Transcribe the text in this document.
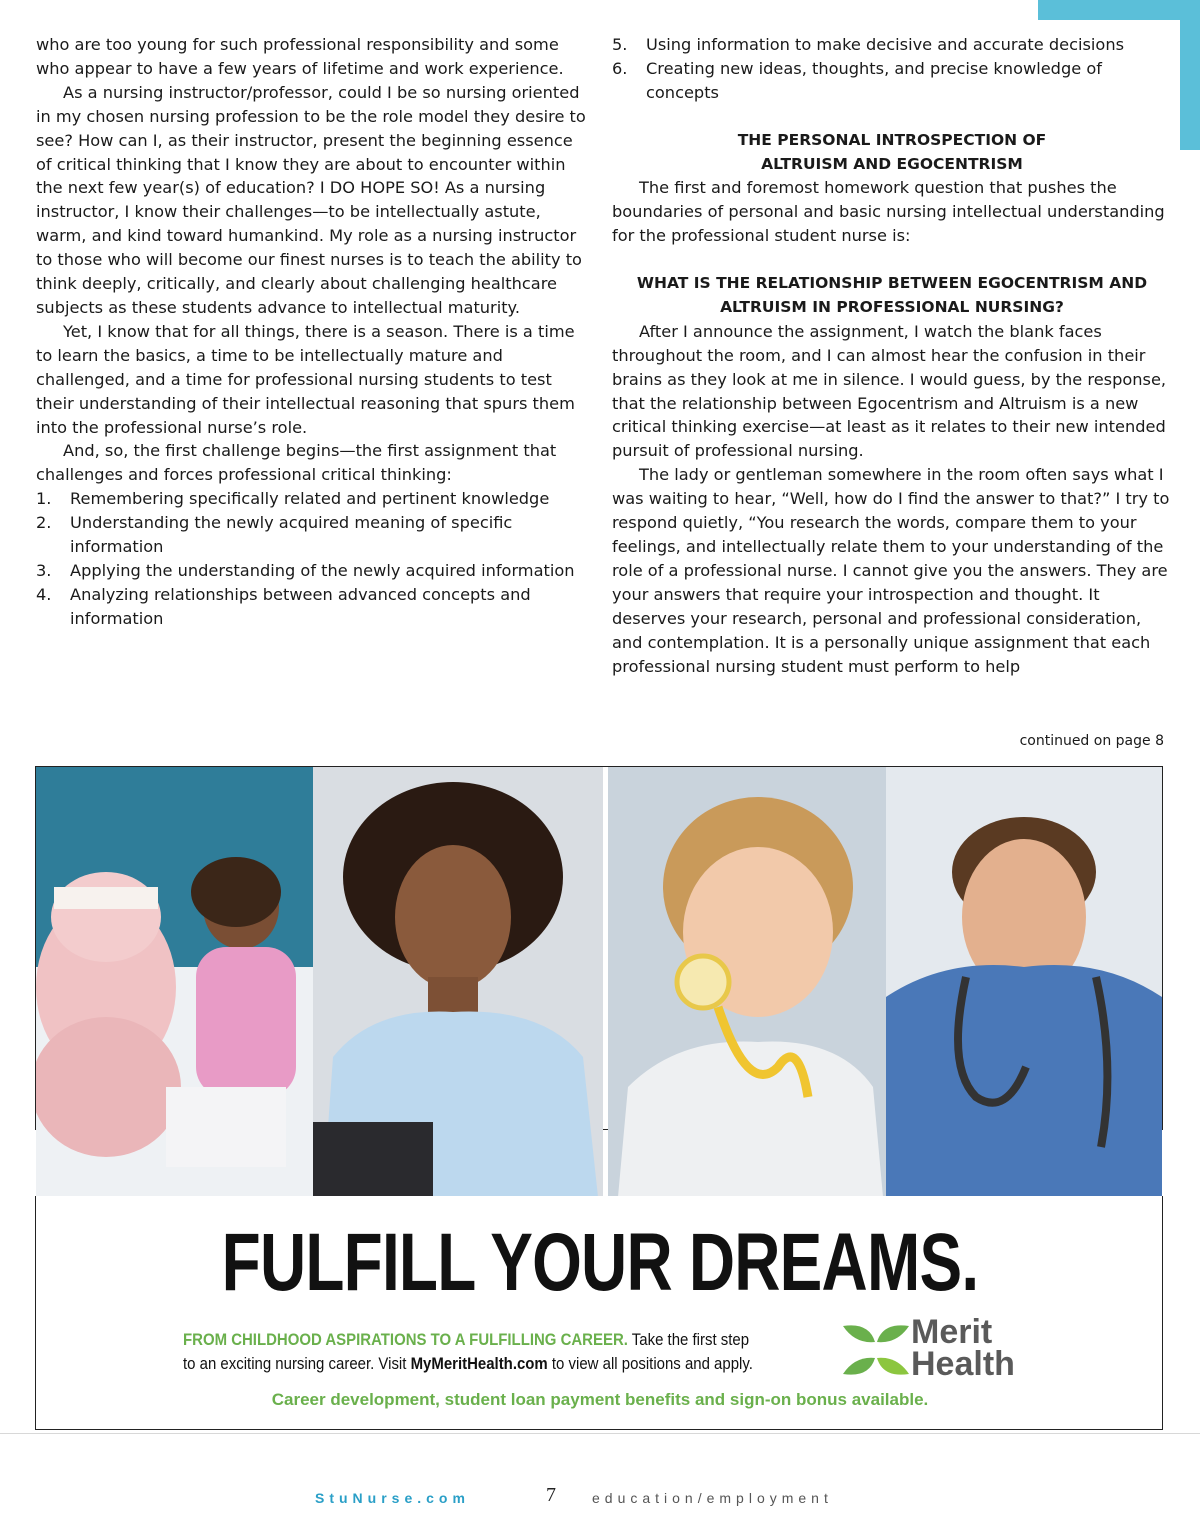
who are too young for such professional responsibility and some who appear to have a few years of lifetime and work experience.

As a nursing instructor/professor, could I be so nursing oriented in my chosen nursing profession to be the role model they desire to see? How can I, as their instructor, present the beginning essence of critical thinking that I know they are about to encounter within the next few year(s) of education? I DO HOPE SO! As a nursing instructor, I know their challenges—to be intellectually astute, warm, and kind toward humankind. My role as a nursing instructor to those who will become our finest nurses is to teach the ability to think deeply, critically, and clearly about challenging healthcare subjects as these students advance to intellectual maturity.

Yet, I know that for all things, there is a season. There is a time to learn the basics, a time to be intellectually mature and challenged, and a time for professional nursing students to test their understanding of their intellectual reasoning that spurs them into the professional nurse’s role.

And, so, the first challenge begins—the first assignment that challenges and forces professional critical thinking:

1. Remembering specifically related and pertinent knowledge
2. Understanding the newly acquired meaning of specific information
3. Applying the understanding of the newly acquired information
4. Analyzing relationships between advanced concepts and information
5. Using information to make decisive and accurate decisions
6. Creating new ideas, thoughts, and precise knowledge of concepts

THE PERSONAL INTROSPECTION OF
ALTRUISM AND EGOCENTRISM

The first and foremost homework question that pushes the boundaries of personal and basic nursing intellectual understanding for the professional student nurse is:

WHAT IS THE RELATIONSHIP BETWEEN EGOCENTRISM AND
ALTRUISM IN PROFESSIONAL NURSING?

After I announce the assignment, I watch the blank faces throughout the room, and I can almost hear the confusion in their brains as they look at me in silence. I would guess, by the response, that the relationship between Egocentrism and Altruism is a new critical thinking exercise—at least as it relates to their new intended pursuit of professional nursing.

The lady or gentleman somewhere in the room often says what I was waiting to hear, “Well, how do I find the answer to that?” I try to respond quietly, “You research the words, compare them to your feelings, and intellectually relate them to your understanding of the role of a professional nurse. I cannot give you the answers. They are your answers that require your introspection and thought. It deserves your research, personal and professional consideration, and contemplation. It is a personally unique assignment that each professional nursing student must perform to help

continued on page 8
FULFILL YOUR DREAMS.
FROM CHILDHOOD ASPIRATIONS TO A FULFILLING CAREER. Take the first step
to an exciting nursing career. Visit MyMeritHealth.com to view all positions and apply.
Merit
Health
Career development, student loan payment benefits and sign-on bonus available.
StuNurse.com	7	education/employment
